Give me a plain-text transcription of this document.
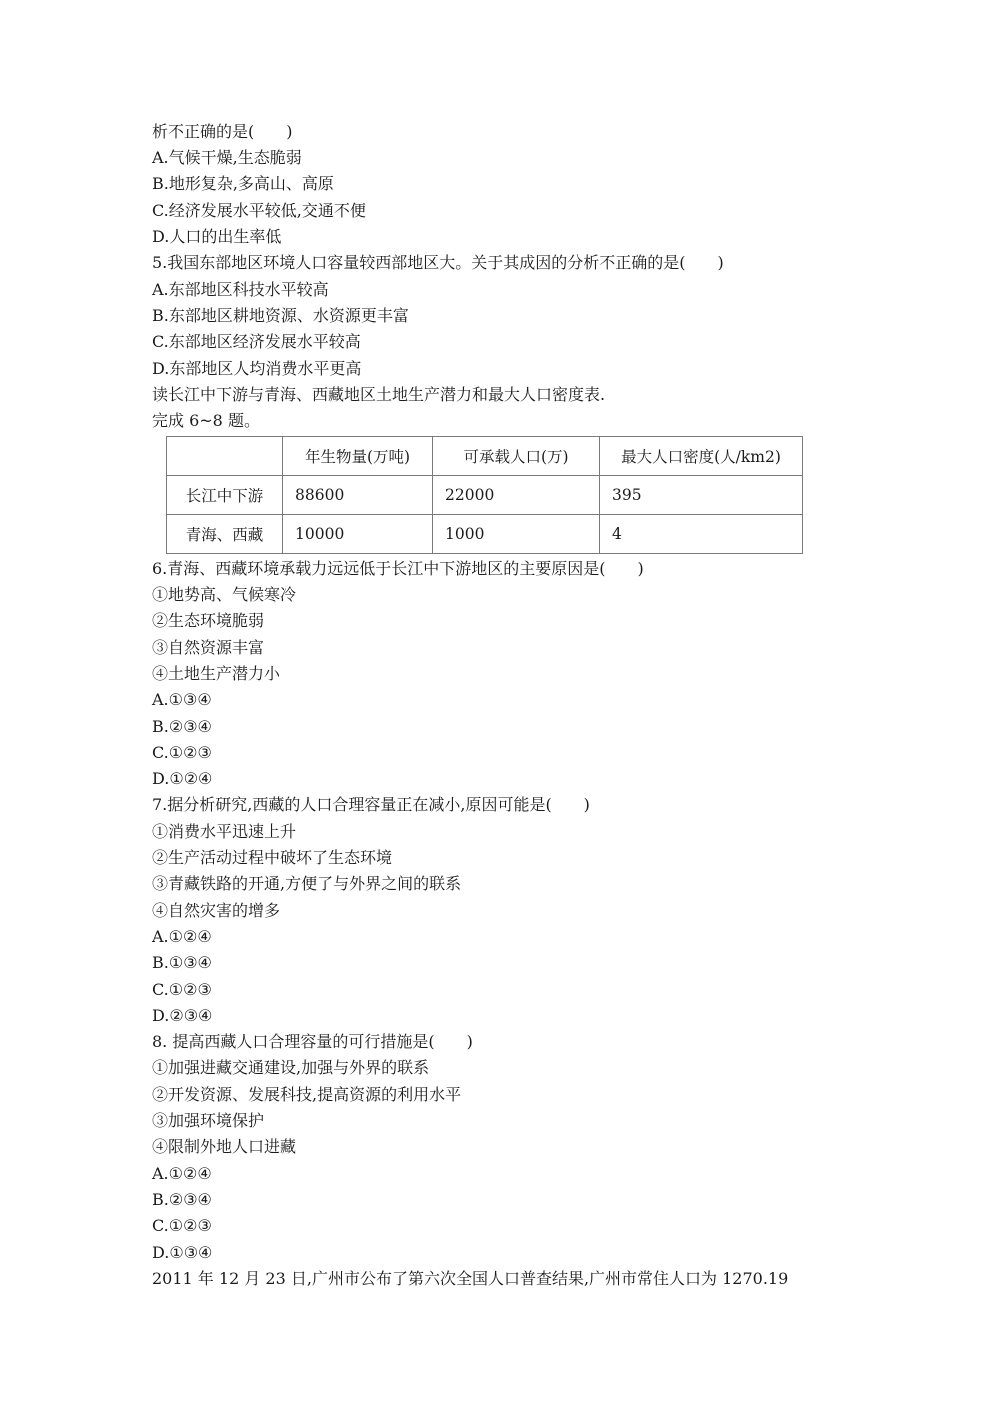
析不正确的是(　　)
A.气候干燥,生态脆弱
B.地形复杂,多高山、高原
C.经济发展水平较低,交通不便
D.人口的出生率低
5.我国东部地区环境人口容量较西部地区大。关于其成因的分析不正确的是(　　)
A.东部地区科技水平较高
B.东部地区耕地资源、水资源更丰富
C.东部地区经济发展水平较高
D.东部地区人均消费水平更高
读长江中下游与青海、西藏地区土地生产潜力和最大人口密度表.
完成 6~8 题。
	年生物量(万吨)	可承载人口(万)	最大人口密度(人/km2)
长江中下游	88600	22000	395
青海、西藏	10000	1000	4
6.青海、西藏环境承载力远远低于长江中下游地区的主要原因是(　　)
①地势高、气候寒冷
②生态环境脆弱
③自然资源丰富
④土地生产潜力小
A.①③④
B.②③④
C.①②③
D.①②④
7.据分析研究,西藏的人口合理容量正在减小,原因可能是(　　)
①消费水平迅速上升
②生产活动过程中破坏了生态环境
③青藏铁路的开通,方便了与外界之间的联系
④自然灾害的增多
A.①②④
B.①③④
C.①②③
D.②③④
8. 提高西藏人口合理容量的可行措施是(　　)
①加强进藏交通建设,加强与外界的联系
②开发资源、发展科技,提高资源的利用水平
③加强环境保护
④限制外地人口进藏
A.①②④
B.②③④
C.①②③
D.①③④
2011 年 12 月 23 日,广州市公布了第六次全国人口普查结果,广州市常住人口为 1270.19
